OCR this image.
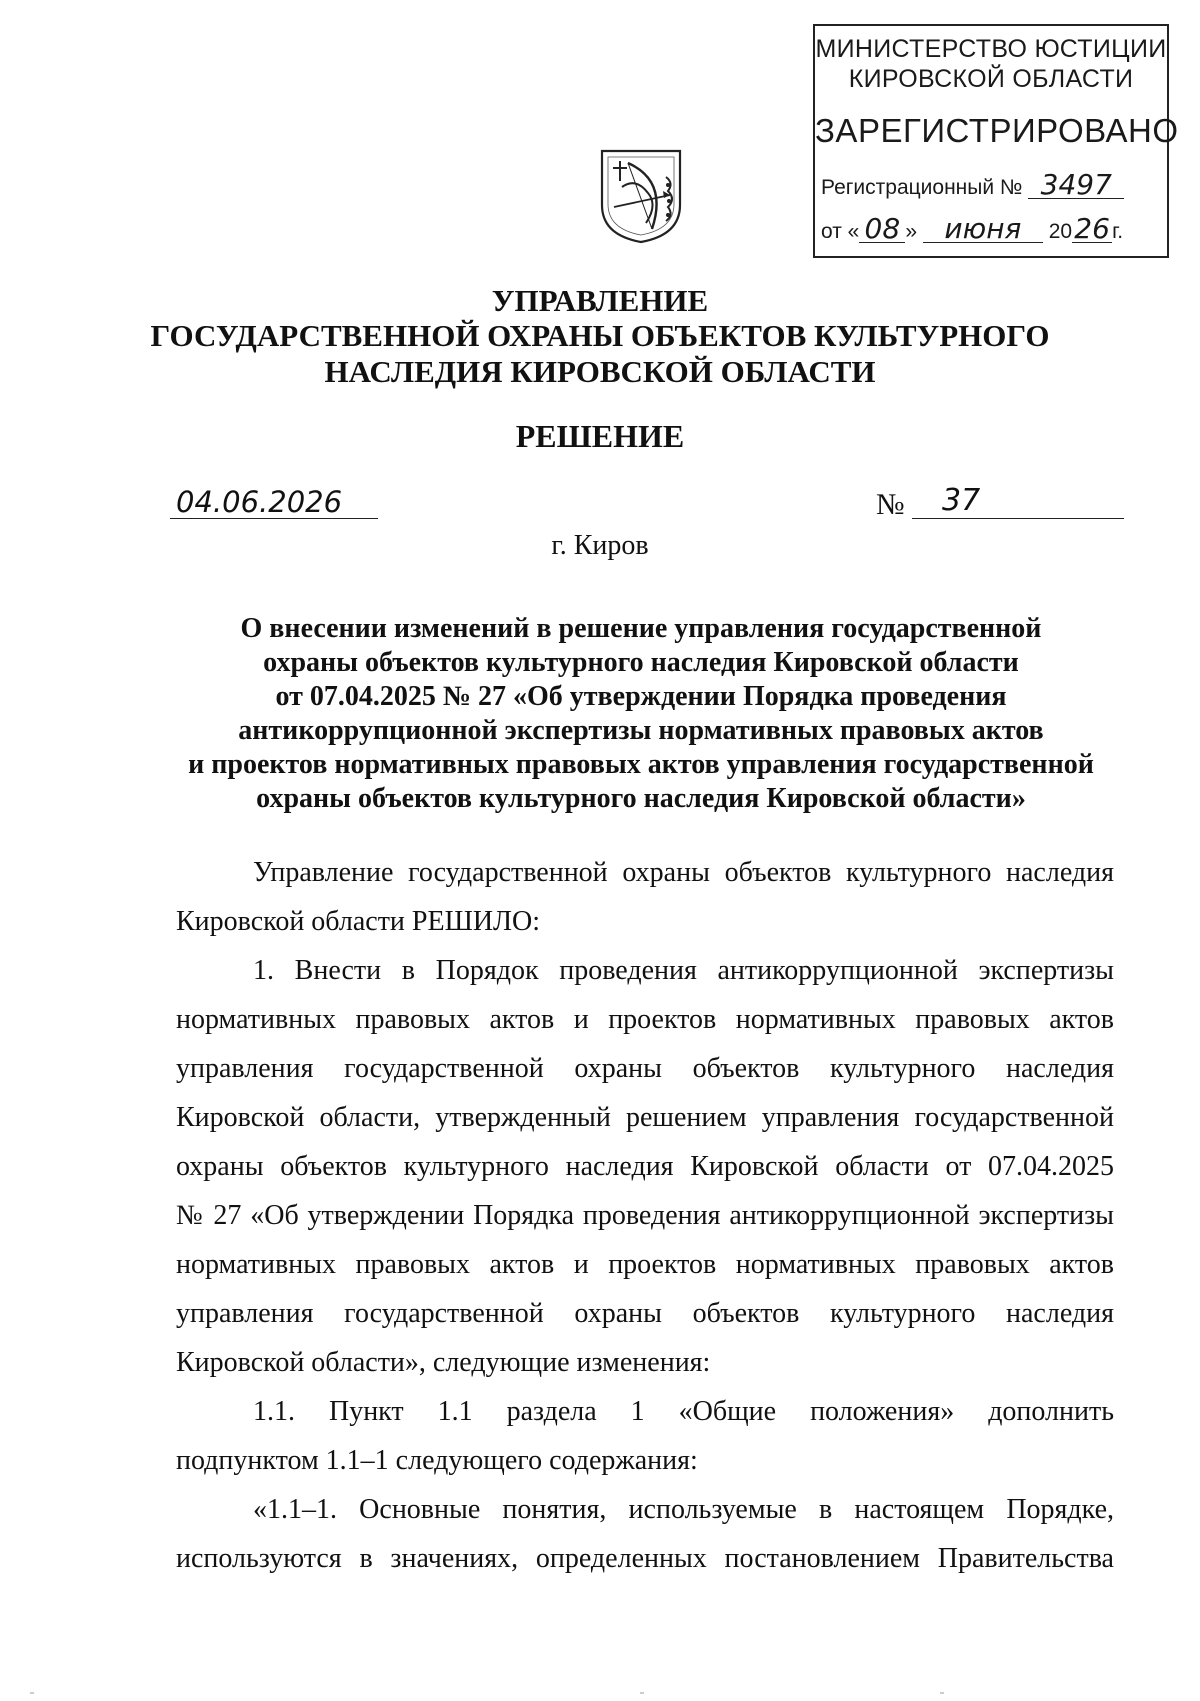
МИНИСТЕРСТВО ЮСТИЦИИ
КИРОВСКОЙ ОБЛАСТИ
ЗАРЕГИСТРИРОВАНО
Регистрационный № 3497
от « 08 » июня 2026 г.
УПРАВЛЕНИЕ
ГОСУДАРСТВЕННОЙ ОХРАНЫ ОБЪЕКТОВ КУЛЬТУРНОГО
НАСЛЕДИЯ КИРОВСКОЙ ОБЛАСТИ
РЕШЕНИЕ
04.06.2026	№	37
г. Киров
О внесении изменений в решение управления государственной
охраны объектов культурного наследия Кировской области
от 07.04.2025 № 27 «Об утверждении Порядка проведения
антикоррупционной экспертизы нормативных правовых актов
и проектов нормативных правовых актов управления государственной
охраны объектов культурного наследия Кировской области»
Управление государственной охраны объектов культурного наследия
Кировской области РЕШИЛО:
1. Внести в Порядок проведения антикоррупционной экспертизы
нормативных правовых актов и проектов нормативных правовых актов
управления государственной охраны объектов культурного наследия
Кировской области, утвержденный решением управления государственной
охраны объектов культурного наследия Кировской области от 07.04.2025
№ 27 «Об утверждении Порядка проведения антикоррупционной экспертизы
нормативных правовых актов и проектов нормативных правовых актов
управления государственной охраны объектов культурного наследия
Кировской области», следующие изменения:
1.1. Пункт 1.1 раздела 1 «Общие положения» дополнить
подпунктом 1.1–1 следующего содержания:
«1.1–1. Основные понятия, используемые в настоящем Порядке,
используются в значениях, определенных постановлением Правительства
